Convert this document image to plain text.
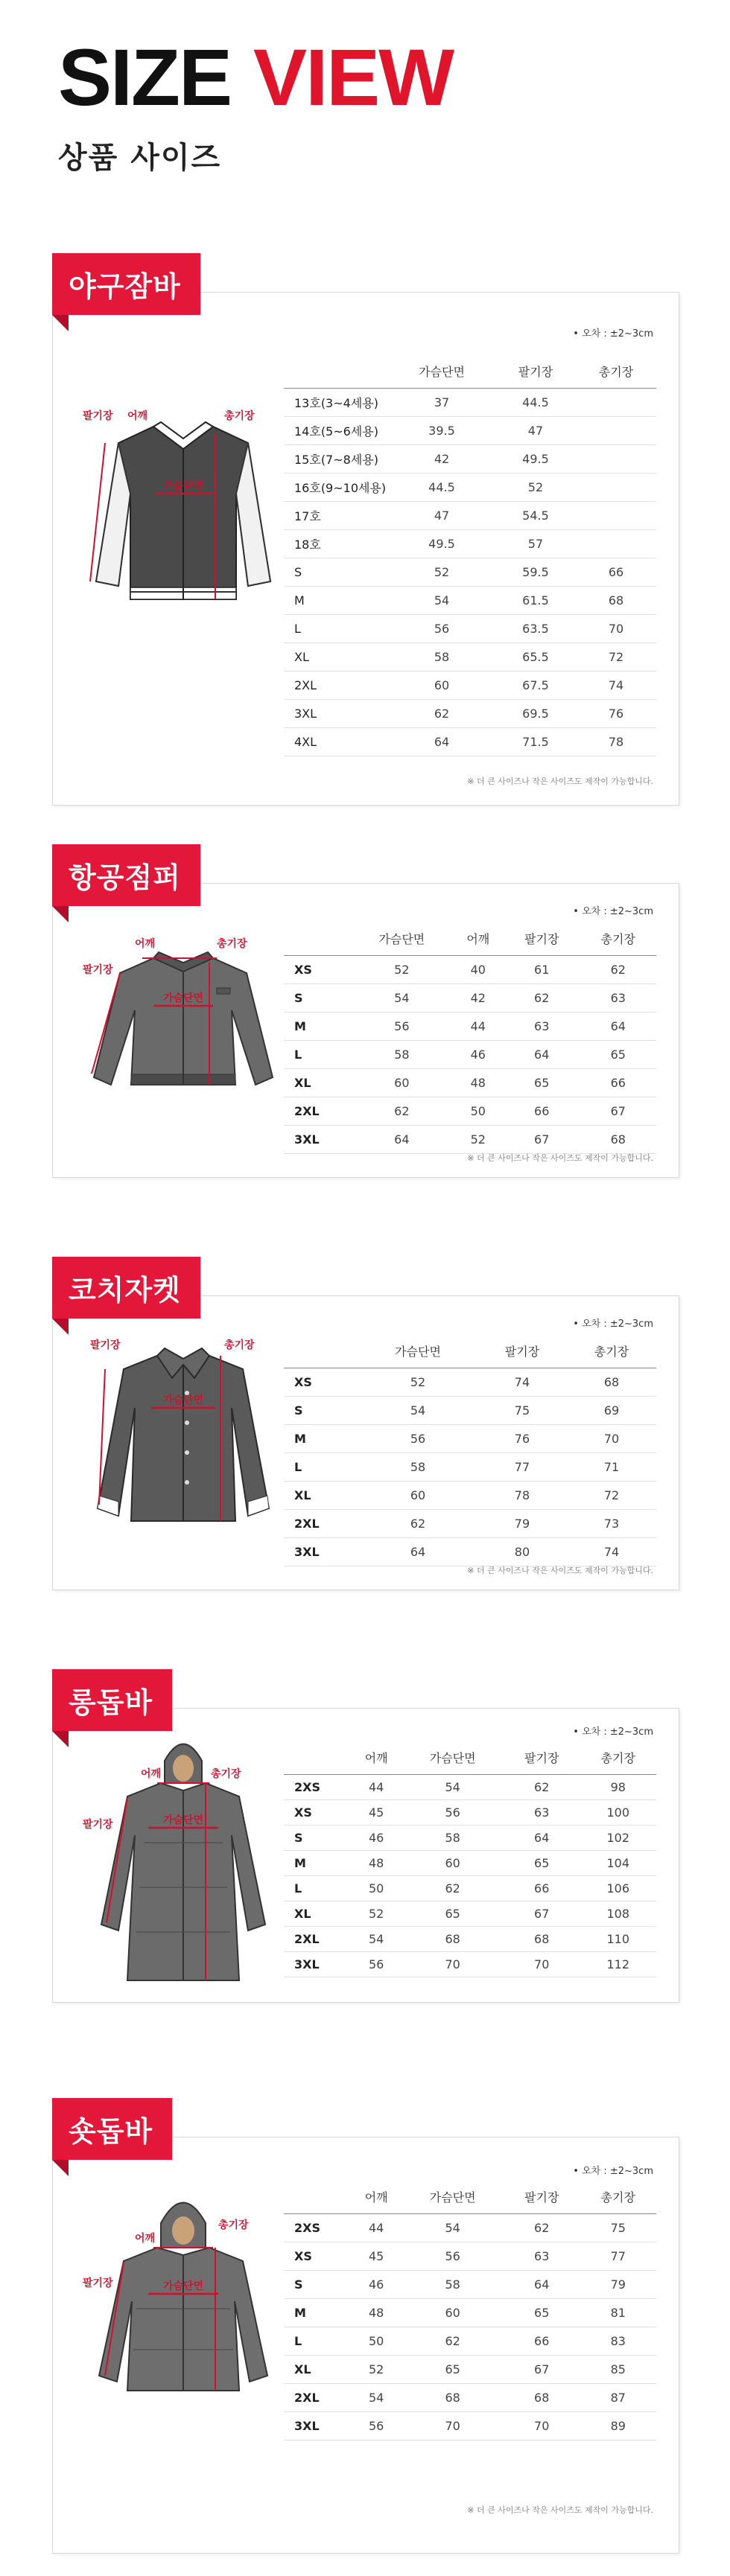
SIZE VIEW
상품 사이즈
야구잠바
가슴단면
총기장
팔기장 어깨
• 오차 : ±2~3cm
	가슴단면	팔기장	총기장
13호(3~4세용)	37	44.5	
14호(5~6세용)	39.5	47	
15호(7~8세용)	42	49.5	
16호(9~10세용)	44.5	52	
17호	47	54.5	
18호	49.5	57	
S	52	59.5	66
M	54	61.5	68
L	56	63.5	70
XL	58	65.5	72
2XL	60	67.5	74
3XL	62	69.5	76
4XL	64	71.5	78
※ 더 큰 사이즈나 작은 사이즈도 제작이 가능합니다.
항공점퍼
가슴단면
어깨	총기장
팔기장
• 오차 : ±2~3cm
	가슴단면	어깨	팔기장	총기장
XS	52	40	61	62
S	54	42	62	63
M	56	44	63	64
L	58	46	64	65
XL	60	48	65	66
2XL	62	50	66	67
3XL	64	52	67	68
※ 더 큰 사이즈나 작은 사이즈도 제작이 가능합니다.
코치자켓
가슴단면
총기장
팔기장
• 오차 : ±2~3cm
	가슴단면	팔기장	총기장
XS	52	74	68
S	54	75	69
M	56	76	70
L	58	77	71
XL	60	78	72
2XL	62	79	73
3XL	64	80	74
※ 더 큰 사이즈나 작은 사이즈도 제작이 가능합니다.
롱돕바
가슴단면
어깨	총기장
팔기장
• 오차 : ±2~3cm
	어깨	가슴단면	팔기장	총기장
2XS	44	54	62	98
XS	45	56	63	100
S	46	58	64	102
M	48	60	65	104
L	50	62	66	106
XL	52	65	67	108
2XL	54	68	68	110
3XL	56	70	70	112
숏돕바
가슴단면
어깨
총기장
팔기장
• 오차 : ±2~3cm
	어깨	가슴단면	팔기장	총기장
2XS	44	54	62	75
XS	45	56	63	77
S	46	58	64	79
M	48	60	65	81
L	50	62	66	83
XL	52	65	67	85
2XL	54	68	68	87
3XL	56	70	70	89
※ 더 큰 사이즈나 작은 사이즈도 제작이 가능합니다.
